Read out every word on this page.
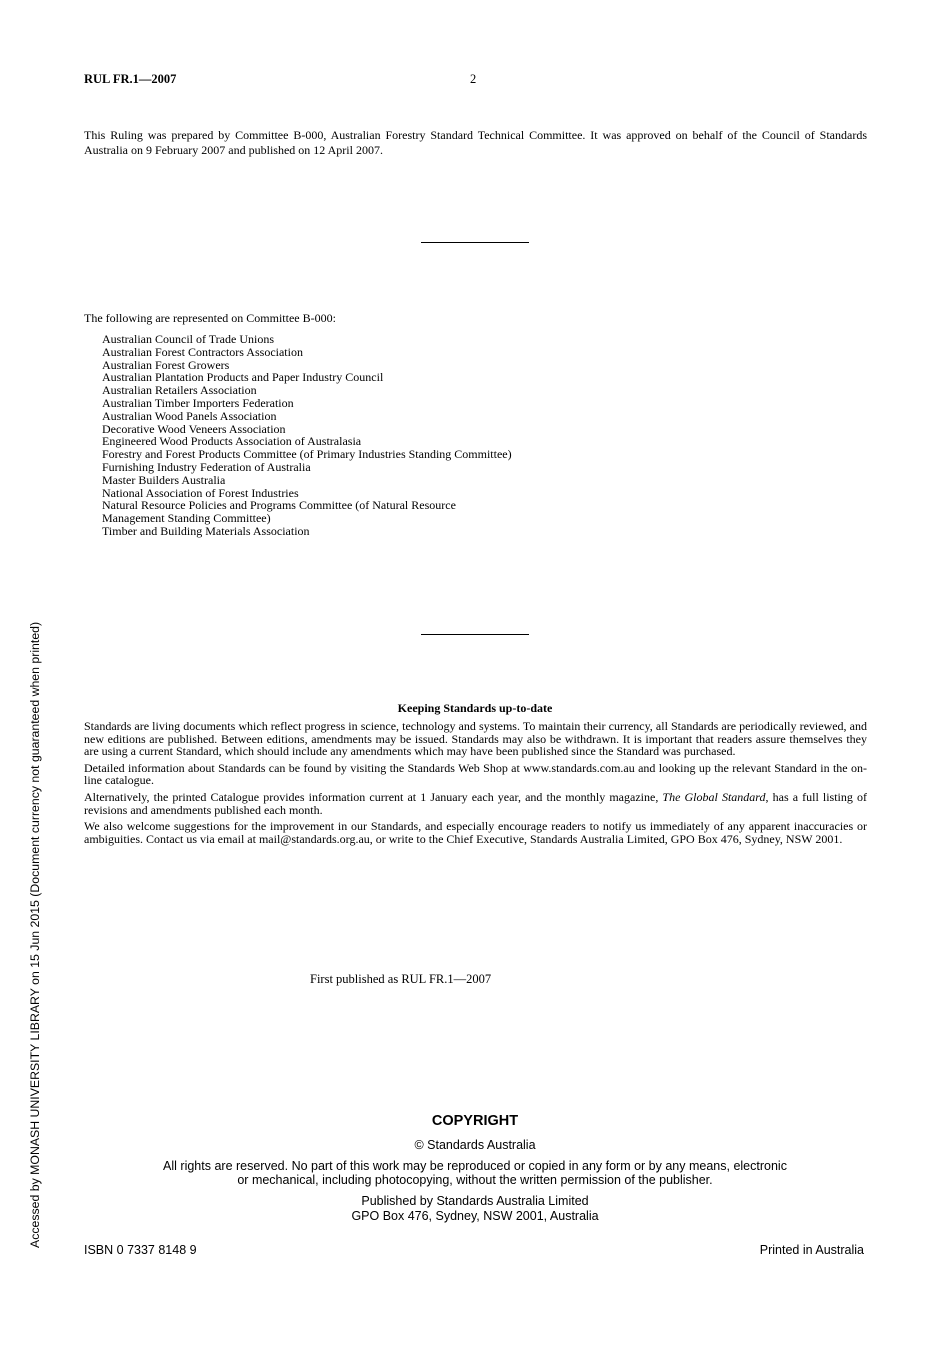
RUL FR.1—2007	2
This Ruling was prepared by Committee B-000, Australian Forestry Standard Technical Committee. It was approved on behalf of the Council of Standards Australia on 9 February 2007 and published on 12 April 2007.
The following are represented on Committee B-000:
Australian Council of Trade Unions
Australian Forest Contractors Association
Australian Forest Growers
Australian Plantation Products and Paper Industry Council
Australian Retailers Association
Australian Timber Importers Federation
Australian Wood Panels Association
Decorative Wood Veneers Association
Engineered Wood Products Association of Australasia
Forestry and Forest Products Committee (of Primary Industries Standing Committee)
Furnishing Industry Federation of Australia
Master Builders Australia
National Association of Forest Industries
Natural Resource Policies and Programs Committee (of Natural Resource
Management Standing Committee)
Timber and Building Materials Association
Keeping Standards up-to-date

Standards are living documents which reflect progress in science, technology and systems. To maintain their currency, all Standards are periodically reviewed, and new editions are published. Between editions, amendments may be issued. Standards may also be withdrawn. It is important that readers assure themselves they are using a current Standard, which should include any amendments which may have been published since the Standard was purchased.

Detailed information about Standards can be found by visiting the Standards Web Shop at www.standards.com.au and looking up the relevant Standard in the on-line catalogue.

Alternatively, the printed Catalogue provides information current at 1 January each year, and the monthly magazine, The Global Standard, has a full listing of revisions and amendments published each month.

We also welcome suggestions for the improvement in our Standards, and especially encourage readers to notify us immediately of any apparent inaccuracies or ambiguities. Contact us via email at mail@standards.org.au, or write to the Chief Executive, Standards Australia Limited, GPO Box 476, Sydney, NSW 2001.

First published as RUL FR.1—2007
COPYRIGHT
© Standards Australia
All rights are reserved. No part of this work may be reproduced or copied in any form or by any means, electronic
or mechanical, including photocopying, without the written permission of the publisher.
Published by Standards Australia Limited
GPO Box 476, Sydney, NSW 2001, Australia
ISBN 0 7337 8148 9	Printed in Australia
Accessed by MONASH UNIVERSITY LIBRARY on 15 Jun 2015 (Document currency not guaranteed when printed)
